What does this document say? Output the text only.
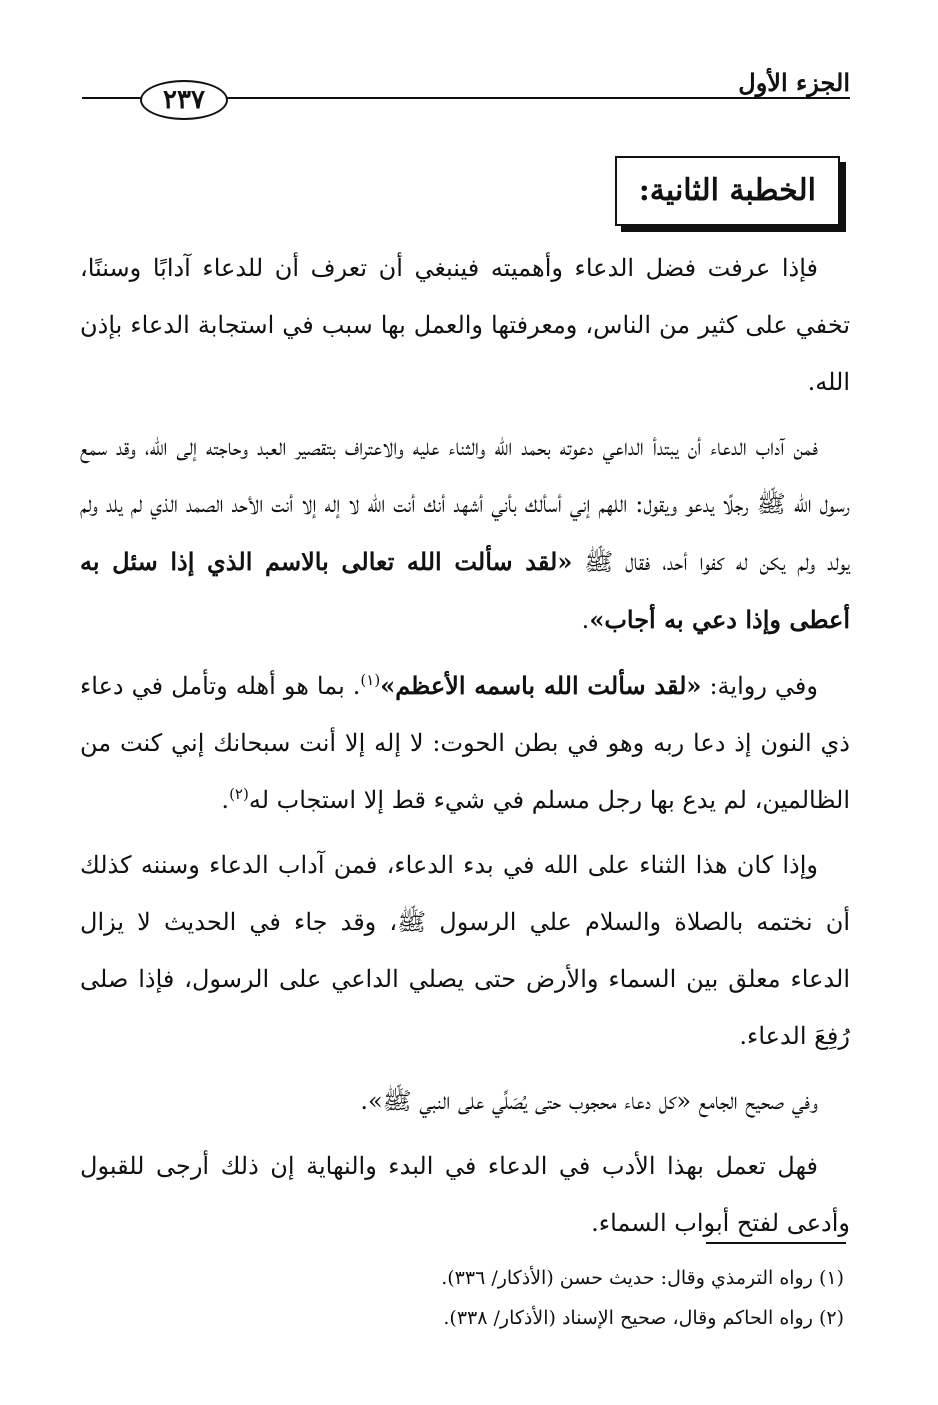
الجزء الأول
٢٣٧
الخطبة الثانية:

فإذا عرفت فضل الدعاء وأهميته فينبغي أن تعرف أن للدعاء آدابًا وسننًا، تخفي على كثير من الناس، ومعرفتها والعمل بها سبب في استجابة الدعاء بإذن الله.

فمن آداب الدعاء أن يبتدأ الداعي دعوته بحمد الله والثناء عليه والاعتراف بتقصير العبد وحاجته إلى الله، وقد سمع رسول الله ﷺ رجلًا يدعو ويقول: اللهم إني أسألك بأني أشهد أنك أنت الله لا إله إلا أنت الأحد الصمد الذي لم يلد ولم يولد ولم يكن له كفوا أحد، فقال ﷺ «لقد سألت الله تعالى بالاسم الذي إذا سئل به أعطى وإذا دعي به أجاب».

وفي رواية: «لقد سألت الله باسمه الأعظم»$^{(١)}$. بما هو أهله وتأمل في دعاء ذي النون إذ دعا ربه وهو في بطن الحوت: لا إله إلا أنت سبحانك إني كنت من الظالمين، لم يدع بها رجل مسلم في شيء قط إلا استجاب له$^{(٢)}$.

وإذا كان هذا الثناء على الله في بدء الدعاء، فمن آداب الدعاء وسننه كذلك أن نختمه بالصلاة والسلام علي الرسول ﷺ، وقد جاء في الحديث لا يزال الدعاء معلق بين السماء والأرض حتى يصلي الداعي على الرسول، فإذا صلى رُفِعَ الدعاء.

وفي صحيح الجامع «كل دعاء محجوب حتى يُصَلِّي على النبي ﷺ».

فهل تعمل بهذا الأدب في الدعاء في البدء والنهاية إن ذلك أرجى للقبول وأدعى لفتح أبواب السماء.

(١) رواه الترمذي وقال: حديث حسن (الأذكار/ ٣٣٦).
(٢) رواه الحاكم وقال، صحيح الإسناد (الأذكار/ ٣٣٨).
